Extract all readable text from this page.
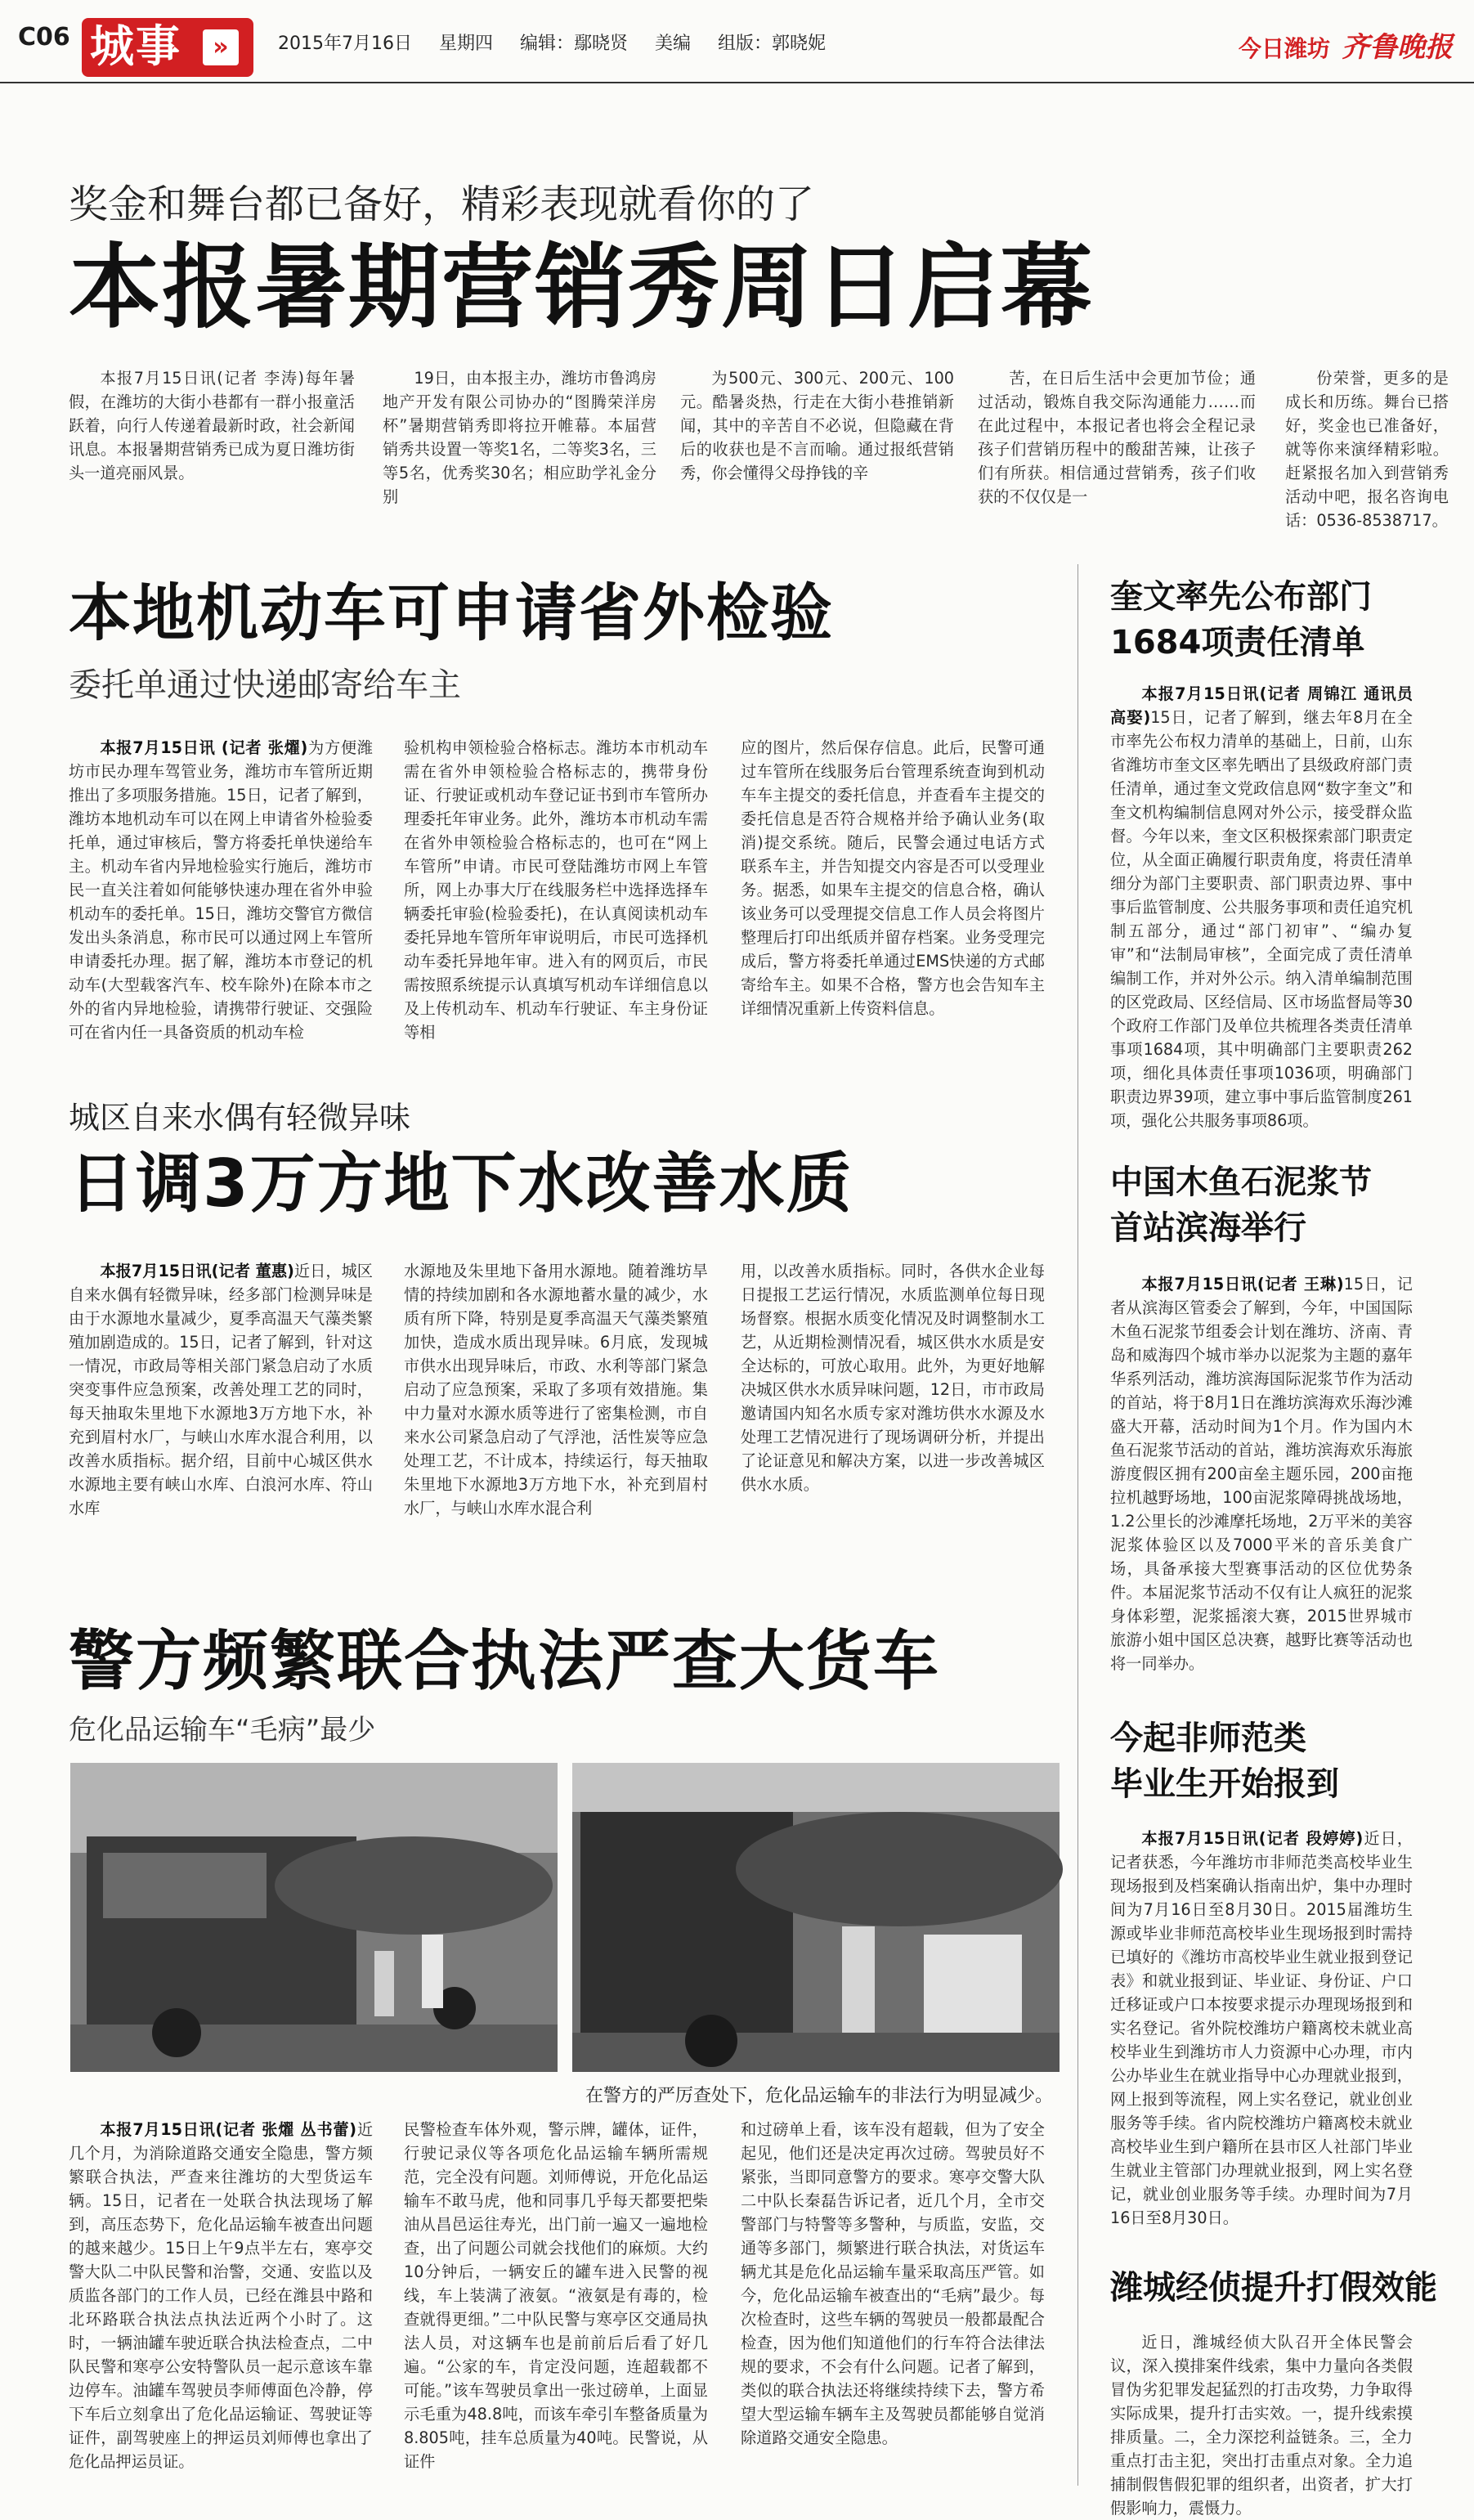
C06 城事	»	2015年7月16日 星期四 编辑：鄢晓贤 美编 组版：郭晓妮	今日潍坊 齐鲁晚报
奖金和舞台都已备好，精彩表现就看你的了
本报暑期营销秀周日启幕
本报7月15日讯(记者 李涛)每年暑假，在潍坊的大街小巷都有一群小报童活跃着，向行人传递着最新时政，社会新闻讯息。本报暑期营销秀已成为夏日潍坊街头一道亮丽风景。
19日，由本报主办，潍坊市鲁鸿房地产开发有限公司协办的“图腾荣洋房杯”暑期营销秀即将拉开帷幕。本届营销秀共设置一等奖1名，二等奖3名，三等5名，优秀奖30名；相应助学礼金分别
为500元、300元、200元、100元。酷暑炎热，行走在大街小巷推销新闻，其中的辛苦自不必说，但隐藏在背后的收获也是不言而喻。通过报纸营销秀，你会懂得父母挣钱的辛
苦，在日后生活中会更加节俭；通过活动，锻炼自我交际沟通能力……而在此过程中，本报记者也将会全程记录孩子们营销历程中的酸甜苦辣，让孩子们有所获。相信通过营销秀，孩子们收获的不仅仅是一
份荣誉，更多的是成长和历练。舞台已搭好，奖金也已准备好，就等你来演绎精彩啦。赶紧报名加入到营销秀活动中吧，报名咨询电话：0536-8538717。
本地机动车可申请省外检验
委托单通过快递邮寄给车主
本报7月15日讯 (记者 张燿)为方便潍坊市民办理车驾管业务，潍坊市车管所近期推出了多项服务措施。15日，记者了解到，潍坊本地机动车可以在网上申请省外检验委托单，通过审核后，警方将委托单快递给车主。机动车省内异地检验实行施后，潍坊市民一直关注着如何能够快速办理在省外申验机动车的委托单。15日，潍坊交警官方微信发出头条消息，称市民可以通过网上车管所申请委托办理。据了解，潍坊本市登记的机动车(大型载客汽车、校车除外)在除本市之外的省内异地检验，请携带行驶证、交强险可在省内任一具备资质的机动车检
验机构申领检验合格标志。潍坊本市机动车需在省外申领检验合格标志的，携带身份证、行驶证或机动车登记证书到市车管所办理委托年审业务。此外，潍坊本市机动车需在省外申领检验合格标志的，也可在“网上车管所”申请。市民可登陆潍坊市网上车管所，网上办事大厅在线服务栏中选择选择车辆委托审验(检验委托)，在认真阅读机动车委托异地车管所年审说明后，市民可选择机动车委托异地年审。进入有的网页后，市民需按照系统提示认真填写机动车详细信息以及上传机动车、机动车行驶证、车主身份证等相
应的图片，然后保存信息。此后，民警可通过车管所在线服务后台管理系统查询到机动车车主提交的委托信息，并查看车主提交的委托信息是否符合规格并给予确认业务(取消)提交系统。随后，民警会通过电话方式联系车主，并告知提交内容是否可以受理业务。据悉，如果车主提交的信息合格，确认该业务可以受理提交信息工作人员会将图片整理后打印出纸质并留存档案。业务受理完成后，警方将委托单通过EMS快递的方式邮寄给车主。如果不合格，警方也会告知车主详细情况重新上传资料信息。
城区自来水偶有轻微异味
日调3万方地下水改善水质
本报7月15日讯(记者 董惠)近日，城区自来水偶有轻微异味，经多部门检测异味是由于水源地水量减少，夏季高温天气藻类繁殖加剧造成的。15日，记者了解到，针对这一情况，市政局等相关部门紧急启动了水质突变事件应急预案，改善处理工艺的同时，每天抽取朱里地下水源地3万方地下水，补充到眉村水厂，与峡山水库水混合利用，以改善水质指标。据介绍，目前中心城区供水水源地主要有峡山水库、白浪河水库、符山水库
水源地及朱里地下备用水源地。随着潍坊旱情的持续加剧和各水源地蓄水量的减少，水质有所下降，特别是夏季高温天气藻类繁殖加快，造成水质出现异味。6月底，发现城市供水出现异味后，市政、水利等部门紧急启动了应急预案，采取了多项有效措施。集中力量对水源水质等进行了密集检测，市自来水公司紧急启动了气浮池，活性炭等应急处理工艺，不计成本，持续运行，每天抽取朱里地下水源地3万方地下水，补充到眉村水厂，与峡山水库水混合利
用，以改善水质指标。同时，各供水企业每日提报工艺运行情况，水质监测单位每日现场督察。根据水质变化情况及时调整制水工艺，从近期检测情况看，城区供水水质是安全达标的，可放心取用。此外，为更好地解决城区供水水质异味问题，12日，市市政局邀请国内知名水质专家对潍坊供水水源及水处理工艺情况进行了现场调研分析，并提出了论证意见和解决方案，以进一步改善城区供水水质。
警方频繁联合执法严查大货车
危化品运输车“毛病”最少
在警方的严厉查处下，危化品运输车的非法行为明显减少。
本报7月15日讯(记者 张燿 丛书蕾)近几个月，为消除道路交通安全隐患，警方频繁联合执法，严查来往潍坊的大型货运车辆。15日，记者在一处联合执法现场了解到，高压态势下，危化品运输车被查出问题的越来越少。15日上午9点半左右，寒亭交警大队二中队民警和治警，交通、安监以及质监各部门的工作人员，已经在潍县中路和北环路联合执法点执法近两个小时了。这时，一辆油罐车驶近联合执法检查点，二中队民警和寒亭公安特警队员一起示意该车靠边停车。油罐车驾驶员李师傅面色冷静，停下车后立刻拿出了危化品运输证、驾驶证等证件，副驾驶座上的押运员刘师傅也拿出了危化品押运员证。
民警检查车体外观，警示牌，罐体，证件，行驶记录仪等各项危化品运输车辆所需规范，完全没有问题。刘师傅说，开危化品运输车不敢马虎，他和同事几乎每天都要把柴油从昌邑运往寿光，出门前一遍又一遍地检查，出了问题公司就会找他们的麻烦。大约10分钟后，一辆安丘的罐车进入民警的视线，车上装满了液氨。“液氨是有毒的，检查就得更细。”二中队民警与寒亭区交通局执法人员，对这辆车也是前前后后看了好几遍。“公家的车，肯定没问题，连超载都不可能。”该车驾驶员拿出一张过磅单，上面显示毛重为48.8吨，而该车牵引车整备质量为8.805吨，挂车总质量为40吨。民警说，从证件
和过磅单上看，该车没有超载，但为了安全起见，他们还是决定再次过磅。驾驶员好不紧张，当即同意警方的要求。寒亭交警大队二中队长秦磊告诉记者，近几个月，全市交警部门与特警等多警种，与质监，安监，交通等多部门，频繁进行联合执法，对货运车辆尤其是危化品运输车量采取高压严管。如今，危化品运输车被查出的“毛病”最少。每次检查时，这些车辆的驾驶员一般都最配合检查，因为他们知道他们的行车符合法律法规的要求，不会有什么问题。记者了解到，类似的联合执法还将继续持续下去，警方希望大型运输车辆车主及驾驶员都能够自觉消除道路交通安全隐患。
奎文率先公布部门
1684项责任清单
本报7月15日讯(记者 周锦江 通讯员 高娶)15日，记者了解到，继去年8月在全市率先公布权力清单的基础上，日前，山东省潍坊市奎文区率先晒出了县级政府部门责任清单，通过奎文党政信息网“数字奎文”和奎文机构编制信息网对外公示，接受群众监督。今年以来，奎文区积极探索部门职责定位，从全面正确履行职责角度，将责任清单细分为部门主要职责、部门职责边界、事中事后监管制度、公共服务事项和责任追究机制五部分，通过“部门初审”、“编办复审”和“法制局审核”，全面完成了责任清单编制工作，并对外公示。纳入清单编制范围的区党政局、区经信局、区市场监督局等30个政府工作部门及单位共梳理各类责任清单事项1684项，其中明确部门主要职责262项，细化具体责任事项1036项，明确部门职责边界39项，建立事中事后监管制度261项，强化公共服务事项86项。
中国木鱼石泥浆节
首站滨海举行
本报7月15日讯(记者 王琳)15日，记者从滨海区管委会了解到，今年，中国国际木鱼石泥浆节组委会计划在潍坊、济南、青岛和威海四个城市举办以泥浆为主题的嘉年华系列活动，潍坊滨海国际泥浆节作为活动的首站，将于8月1日在潍坊滨海欢乐海沙滩盛大开幕，活动时间为1个月。作为国内木鱼石泥浆节活动的首站，潍坊滨海欢乐海旅游度假区拥有200亩垒主题乐园，200亩拖拉机越野场地，100亩泥浆障碍挑战场地，1.2公里长的沙滩摩托场地，2万平米的美容泥浆体验区以及7000平米的音乐美食广场，具备承接大型赛事活动的区位优势条件。本届泥浆节活动不仅有让人疯狂的泥浆身体彩塑，泥浆摇滚大赛，2015世界城市旅游小姐中国区总决赛，越野比赛等活动也将一同举办。
今起非师范类
毕业生开始报到
本报7月15日讯(记者 段婷婷)近日，记者获悉，今年潍坊市非师范类高校毕业生现场报到及档案确认指南出炉，集中办理时间为7月16日至8月30日。2015届潍坊生源或毕业非师范高校毕业生现场报到时需持已填好的《潍坊市高校毕业生就业报到登记表》和就业报到证、毕业证、身份证、户口迁移证或户口本按要求提示办理现场报到和实名登记。省外院校潍坊户籍离校未就业高校毕业生到潍坊市人力资源中心办理，市内公办毕业生在就业指导中心办理就业报到，网上报到等流程，网上实名登记，就业创业服务等手续。省内院校潍坊户籍离校未就业高校毕业生到户籍所在县市区人社部门毕业生就业主管部门办理就业报到，网上实名登记，就业创业服务等手续。办理时间为7月16日至8月30日。
潍城经侦提升打假效能
近日，潍城经侦大队召开全体民警会议，深入摸排案件线索，集中力量向各类假冒伪劣犯罪发起猛烈的打击攻势，力争取得实际成果，提升打击实效。一，提升线索摸排质量。二，全力深挖利益链条。三，全力重点打击主犯，突出打击重点对象。全力追捕制假售假犯罪的组织者，出资者，扩大打假影响力，震慑力。
